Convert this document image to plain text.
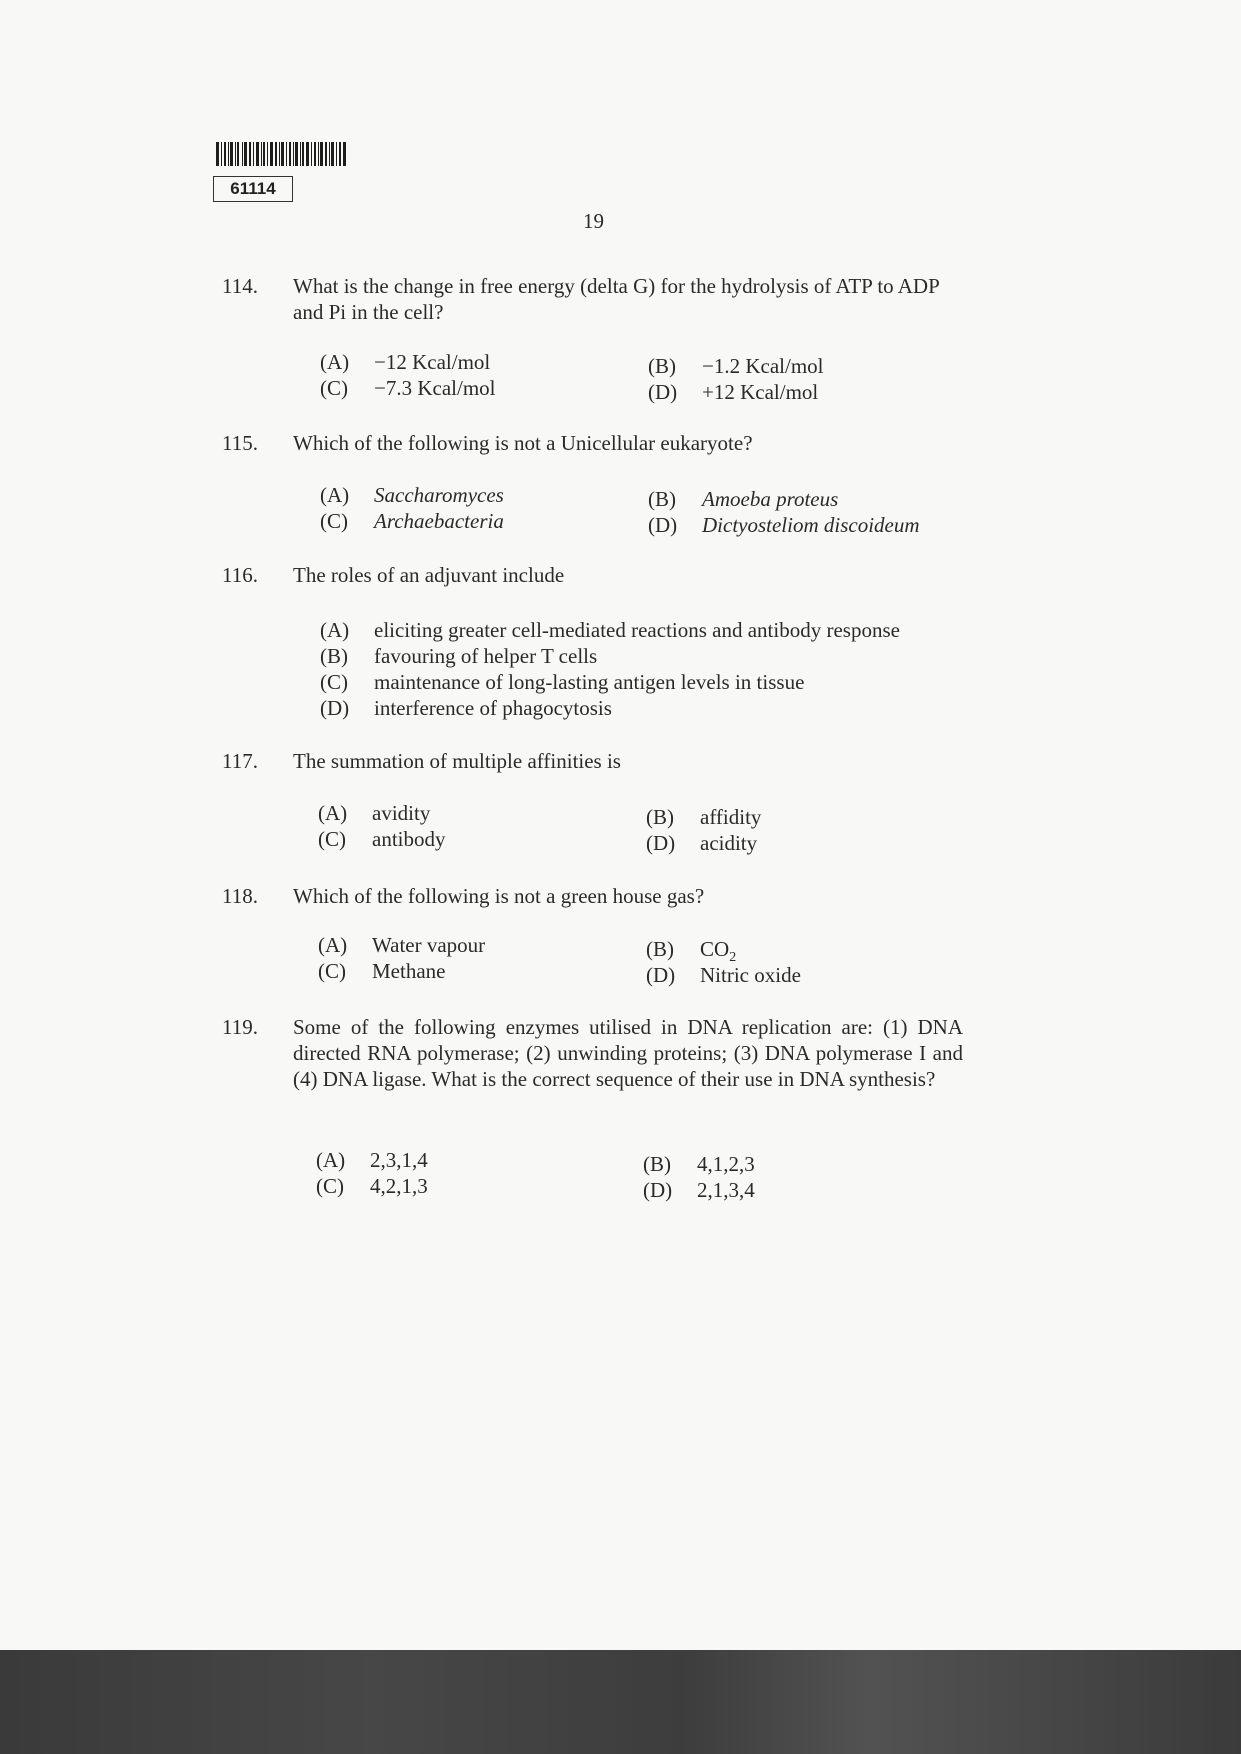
61114
19
114.	What is the change in free energy (delta G) for the hydrolysis of ATP to ADP and Pi in the cell?
(A) −12 Kcal/mol	(B) −1.2 Kcal/mol
(C) −7.3 Kcal/mol	(D) +12 Kcal/mol
115.	Which of the following is not a Unicellular eukaryote?
(A) Saccharomyces	(B) Amoeba proteus
(C) Archaebacteria	(D) Dictyosteliom discoideum
116.	The roles of an adjuvant include
(A) eliciting greater cell-mediated reactions and antibody response
(B) favouring of helper T cells
(C) maintenance of long-lasting antigen levels in tissue
(D) interference of phagocytosis
117.	The summation of multiple affinities is
(A) avidity	(B) affidity
(C) antibody	(D) acidity
118.	Which of the following is not a green house gas?
(A) Water vapour	(B) $CO_2$
(C) Methane	(D) Nitric oxide
119.	Some of the following enzymes utilised in DNA replication are: (1) DNA directed RNA polymerase; (2) unwinding proteins; (3) DNA polymerase I and (4) DNA ligase. What is the correct sequence of their use in DNA synthesis?
(A) 2,3,1,4	(B) 4,1,2,3
(C) 4,2,1,3	(D) 2,1,3,4
